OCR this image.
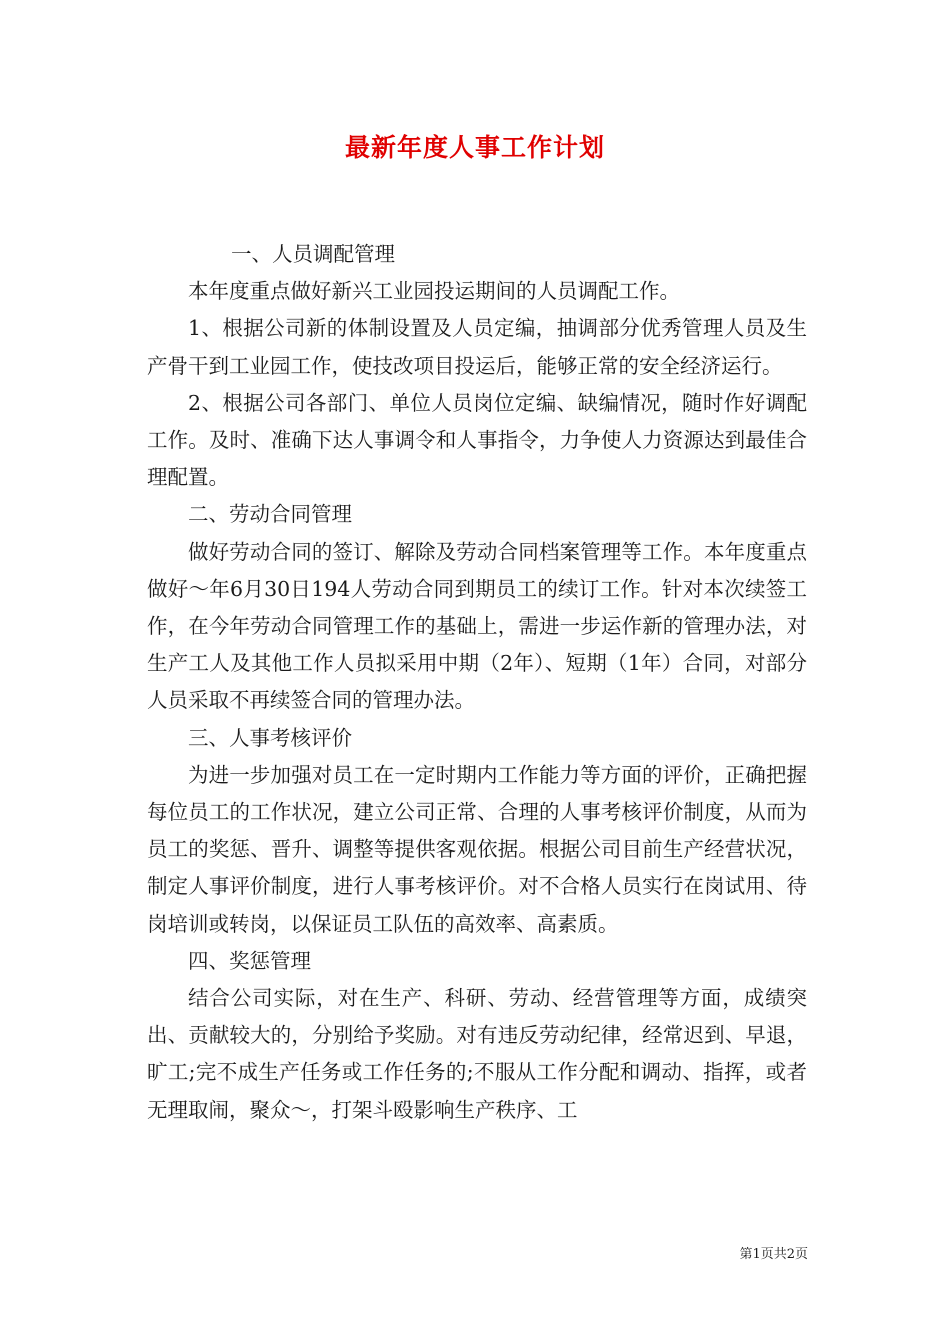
最新年度人事工作计划

一、人员调配管理

本年度重点做好新兴工业园投运期间的人员调配工作。

1、根据公司新的体制设置及人员定编，抽调部分优秀管理人员及生产骨干到工业园工作，使技改项目投运后，能够正常的安全经济运行。

2、根据公司各部门、单位人员岗位定编、缺编情况，随时作好调配工作。及时、准确下达人事调令和人事指令，力争使人力资源达到最佳合理配置。

二、劳动合同管理

做好劳动合同的签订、解除及劳动合同档案管理等工作。本年度重点做好～年6月30日194人劳动合同到期员工的续订工作。针对本次续签工作，在今年劳动合同管理工作的基础上，需进一步运作新的管理办法，对生产工人及其他工作人员拟采用中期（2年）、短期（1年）合同，对部分人员采取不再续签合同的管理办法。

三、人事考核评价

为进一步加强对员工在一定时期内工作能力等方面的评价，正确把握每位员工的工作状况，建立公司正常、合理的人事考核评价制度，从而为员工的奖惩、晋升、调整等提供客观依据。根据公司目前生产经营状况，制定人事评价制度，进行人事考核评价。对不合格人员实行在岗试用、待岗培训或转岗，以保证员工队伍的高效率、高素质。

四、奖惩管理

结合公司实际，对在生产、科研、劳动、经营管理等方面，成绩突出、贡献较大的，分别给予奖励。对有违反劳动纪律，经常迟到、早退，旷工;完不成生产任务或工作任务的;不服从工作分配和调动、指挥，或者无理取闹，聚众～，打架斗殴影响生产秩序、工

第1页共2页
